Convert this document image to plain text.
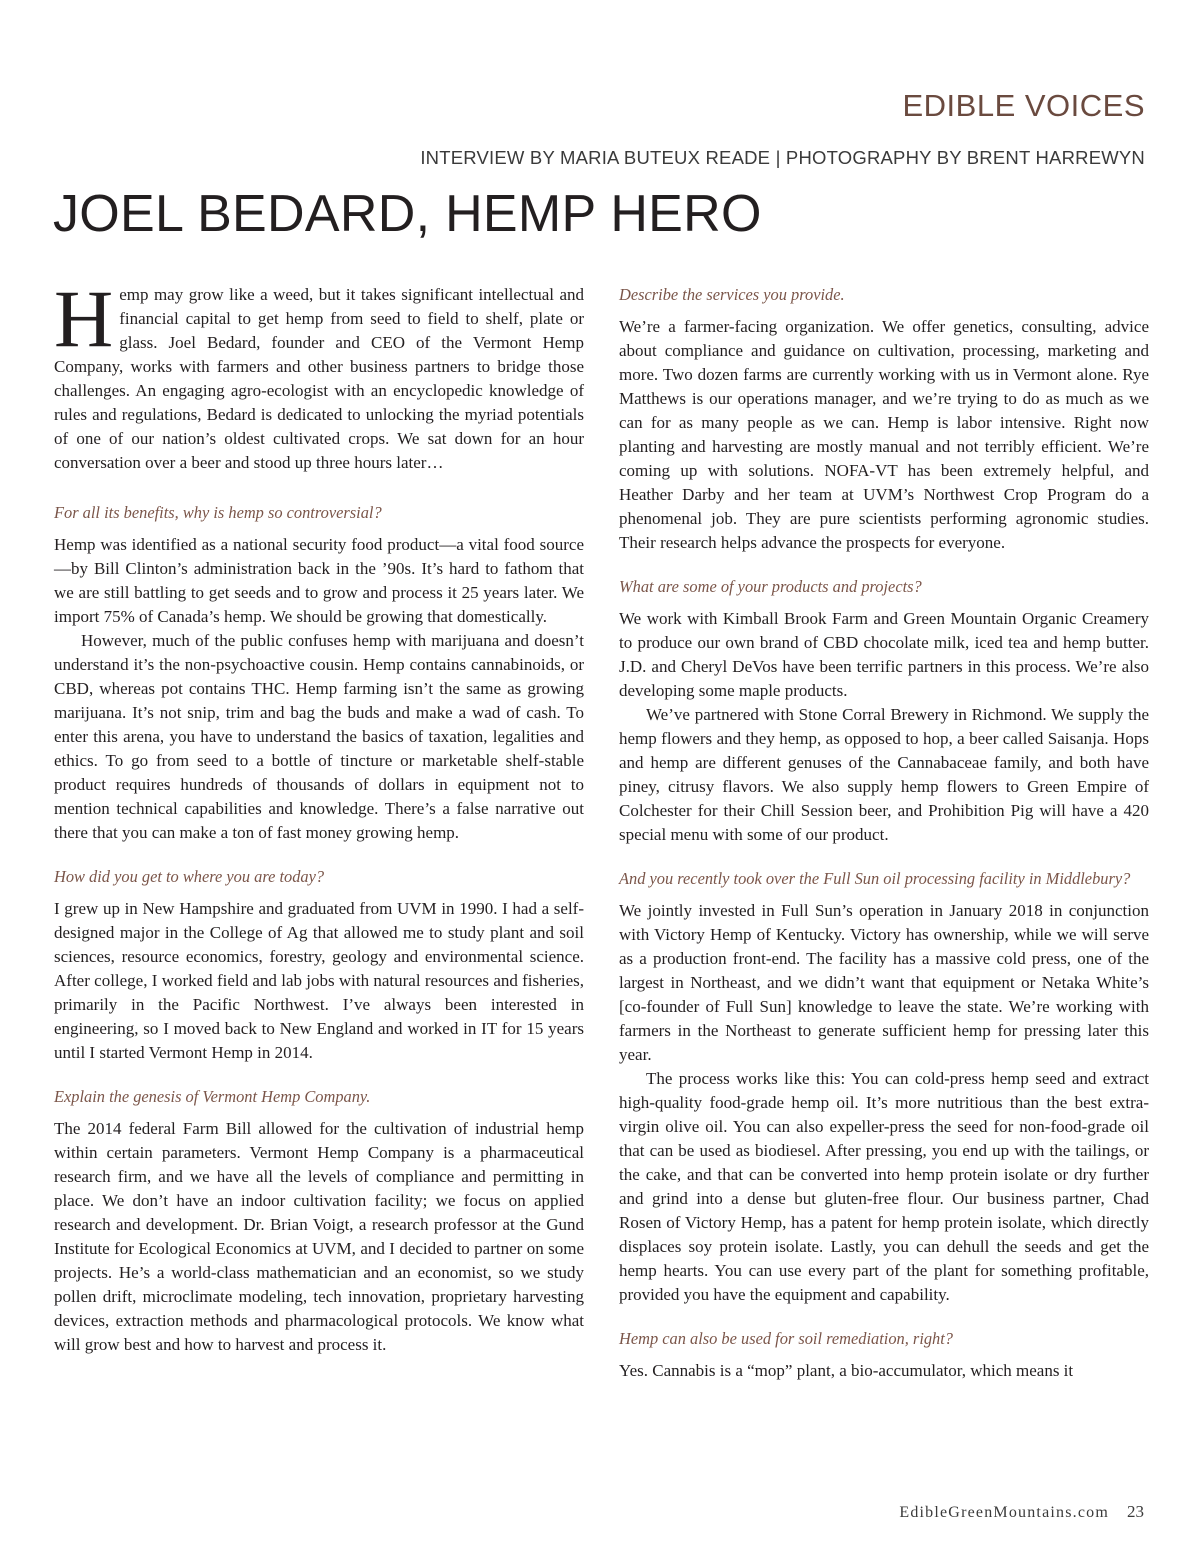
EDIBLE VOICES
INTERVIEW BY MARIA BUTEUX READE | PHOTOGRAPHY BY BRENT HARREWYN
JOEL BEDARD, HEMP HERO

Hemp may grow like a weed, but it takes significant intellectual and financial capital to get hemp from seed to field to shelf, plate or glass. Joel Bedard, founder and CEO of the Vermont Hemp Company, works with farmers and other business partners to bridge those challenges. An engaging agro-ecologist with an encyclopedic knowledge of rules and regulations, Bedard is dedicated to unlocking the myriad potentials of one of our nation’s oldest cultivated crops. We sat down for an hour conversation over a beer and stood up three hours later…

For all its benefits, why is hemp so controversial?

Hemp was identified as a national security food product—a vital food source—by Bill Clinton’s administration back in the ’90s. It’s hard to fathom that we are still battling to get seeds and to grow and process it 25 years later. We import 75% of Canada’s hemp. We should be growing that domestically.

However, much of the public confuses hemp with marijuana and doesn’t understand it’s the non-psychoactive cousin. Hemp contains cannabinoids, or CBD, whereas pot contains THC. Hemp farming isn’t the same as growing marijuana. It’s not snip, trim and bag the buds and make a wad of cash. To enter this arena, you have to understand the basics of taxation, legalities and ethics. To go from seed to a bottle of tincture or marketable shelf-stable product requires hundreds of thousands of dollars in equipment not to mention technical capabilities and knowledge. There’s a false narrative out there that you can make a ton of fast money growing hemp.

How did you get to where you are today?

I grew up in New Hampshire and graduated from UVM in 1990. I had a self-designed major in the College of Ag that allowed me to study plant and soil sciences, resource economics, forestry, geology and environmental science. After college, I worked field and lab jobs with natural resources and fisheries, primarily in the Pacific Northwest. I’ve always been interested in engineering, so I moved back to New England and worked in IT for 15 years until I started Vermont Hemp in 2014.

Explain the genesis of Vermont Hemp Company.

The 2014 federal Farm Bill allowed for the cultivation of industrial hemp within certain parameters. Vermont Hemp Company is a pharmaceutical research firm, and we have all the levels of compliance and permitting in place. We don’t have an indoor cultivation facility; we focus on applied research and development. Dr. Brian Voigt, a research professor at the Gund Institute for Ecological Economics at UVM, and I decided to partner on some projects. He’s a world-class mathematician and an economist, so we study pollen drift, microclimate modeling, tech innovation, proprietary harvesting devices, extraction methods and pharmacological protocols. We know what will grow best and how to harvest and process it.

Describe the services you provide.

We’re a farmer-facing organization. We offer genetics, consulting, advice about compliance and guidance on cultivation, processing, marketing and more. Two dozen farms are currently working with us in Vermont alone. Rye Matthews is our operations manager, and we’re trying to do as much as we can for as many people as we can. Hemp is labor intensive. Right now planting and harvesting are mostly manual and not terribly efficient. We’re coming up with solutions. NOFA-VT has been extremely helpful, and Heather Darby and her team at UVM’s Northwest Crop Program do a phenomenal job. They are pure scientists performing agronomic studies. Their research helps advance the prospects for everyone.

What are some of your products and projects?

We work with Kimball Brook Farm and Green Mountain Organic Creamery to produce our own brand of CBD chocolate milk, iced tea and hemp butter. J.D. and Cheryl DeVos have been terrific partners in this process. We’re also developing some maple products.

We’ve partnered with Stone Corral Brewery in Richmond. We supply the hemp flowers and they hemp, as opposed to hop, a beer called Saisanja. Hops and hemp are different genuses of the Cannabaceae family, and both have piney, citrusy flavors. We also supply hemp flowers to Green Empire of Colchester for their Chill Session beer, and Prohibition Pig will have a 420 special menu with some of our product.

And you recently took over the Full Sun oil processing facility in Middlebury?

We jointly invested in Full Sun’s operation in January 2018 in conjunction with Victory Hemp of Kentucky. Victory has ownership, while we will serve as a production front-end. The facility has a massive cold press, one of the largest in Northeast, and we didn’t want that equipment or Netaka White’s [co-founder of Full Sun] knowledge to leave the state. We’re working with farmers in the Northeast to generate sufficient hemp for pressing later this year.

The process works like this: You can cold-press hemp seed and extract high-quality food-grade hemp oil. It’s more nutritious than the best extra-virgin olive oil. You can also expeller-press the seed for non-food-grade oil that can be used as biodiesel. After pressing, you end up with the tailings, or the cake, and that can be converted into hemp protein isolate or dry further and grind into a dense but gluten-free flour. Our business partner, Chad Rosen of Victory Hemp, has a patent for hemp protein isolate, which directly displaces soy protein isolate. Lastly, you can dehull the seeds and get the hemp hearts. You can use every part of the plant for something profitable, provided you have the equipment and capability.

Hemp can also be used for soil remediation, right?

Yes. Cannabis is a “mop” plant, a bio-accumulator, which means it

EdibleGreenMountains.com 23
